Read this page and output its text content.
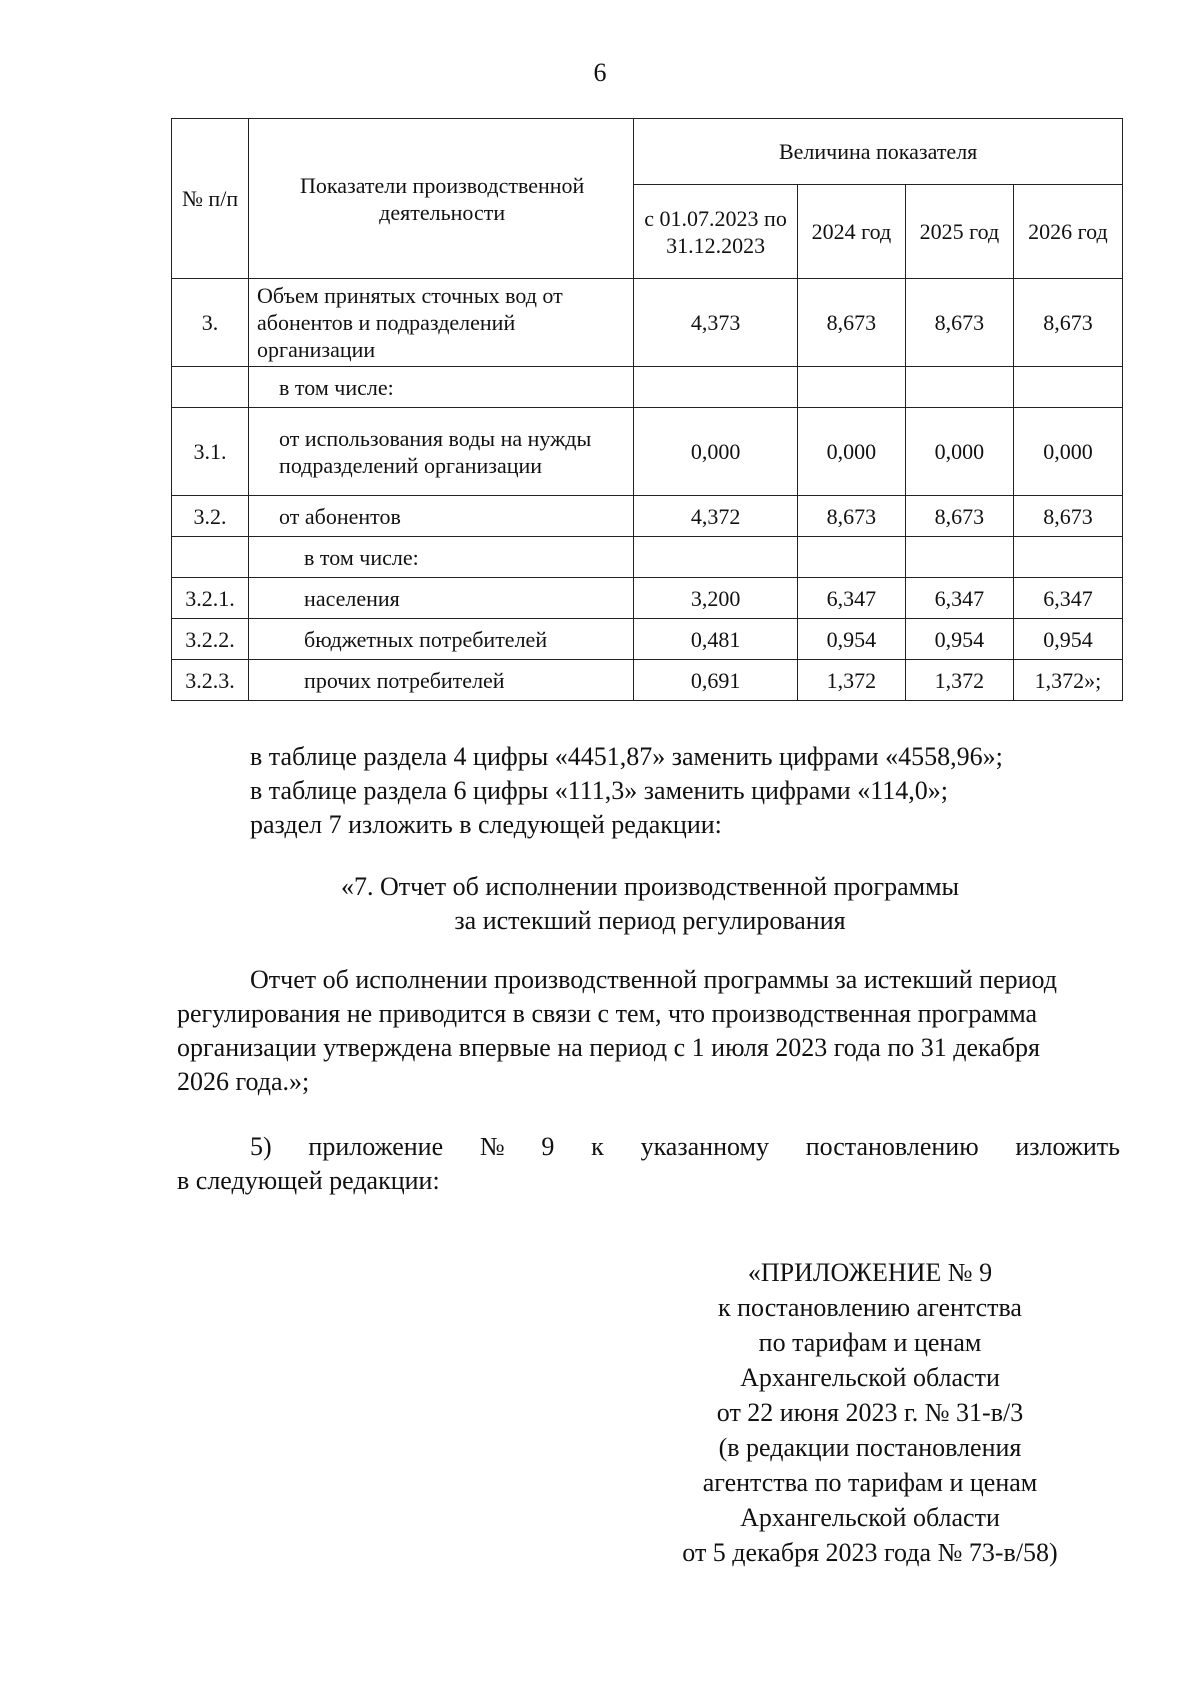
6
№ п/п	Показатели производственной деятельности	Величина показателя			
		с 01.07.2023 по 31.12.2023	2024 год	2025 год	2026 год
3.	Объем принятых сточных вод от абонентов и подразделений организации	4,373	8,673	8,673	8,673
	в том числе:				
3.1.	от использования воды на нужды подразделений организации	0,000	0,000	0,000	0,000
3.2.	от абонентов	4,372	8,673	8,673	8,673
	в том числе:				
3.2.1.	населения	3,200	6,347	6,347	6,347
3.2.2.	бюджетных потребителей	0,481	0,954	0,954	0,954
3.2.3.	прочих потребителей	0,691	1,372	1,372	1,372»;
в таблице раздела 4 цифры «4451,87» заменить цифрами «4558,96»;
в таблице раздела 6 цифры «111,3» заменить цифрами «114,0»;
раздел 7 изложить в следующей редакции:
«7. Отчет об исполнении производственной программы
за истекший период регулирования
Отчет об исполнении производственной программы за истекший период
регулирования не приводится в связи с тем, что производственная программа
организации утверждена впервые на период с 1 июля 2023 года по 31 декабря
2026 года.»;
5) приложение № 9 к указанному постановлению изложить
в следующей редакции:
«ПРИЛОЖЕНИЕ № 9
к постановлению агентства
по тарифам и ценам
Архангельской области
от 22 июня 2023 г. № 31-в/3
(в редакции постановления
агентства по тарифам и ценам
Архангельской области
от 5 декабря 2023 года № 73-в/58)
